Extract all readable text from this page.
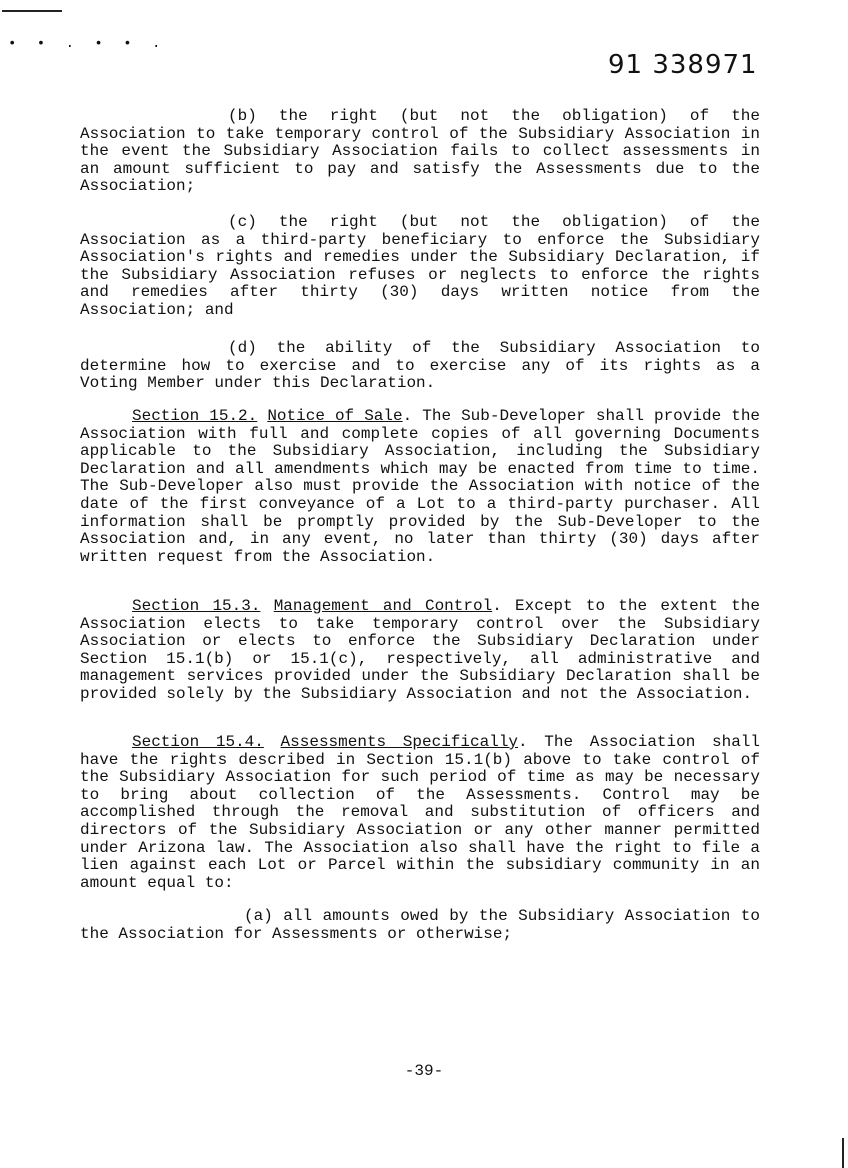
• • . • • .
91 338971

(b) the right (but not the obligation) of the Association to take temporary control of the Subsidiary Association in the event the Subsidiary Association fails to collect assessments in an amount sufficient to pay and satisfy the Assessments due to the Association;

(c) the right (but not the obligation) of the Association as a third-party beneficiary to enforce the Subsidiary Association's rights and remedies under the Subsidiary Declaration, if the Subsidiary Association refuses or neglects to enforce the rights and remedies after thirty (30) days written notice from the Association; and

(d) the ability of the Subsidiary Association to determine how to exercise and to exercise any of its rights as a Voting Member under this Declaration.

Section 15.2. Notice of Sale. The Sub-Developer shall provide the Association with full and complete copies of all governing Documents applicable to the Subsidiary Association, including the Subsidiary Declaration and all amendments which may be enacted from time to time. The Sub-Developer also must provide the Association with notice of the date of the first conveyance of a Lot to a third-party purchaser. All information shall be promptly provided by the Sub-Developer to the Association and, in any event, no later than thirty (30) days after written request from the Association.

Section 15.3. Management and Control. Except to the extent the Association elects to take temporary control over the Subsidiary Association or elects to enforce the Subsidiary Declaration under Section 15.1(b) or 15.1(c), respectively, all administrative and management services provided under the Subsidiary Declaration shall be provided solely by the Subsidiary Association and not the Association.

Section 15.4. Assessments Specifically. The Association shall have the rights described in Section 15.1(b) above to take control of the Subsidiary Association for such period of time as may be necessary to bring about collection of the Assessments. Control may be accomplished through the removal and substitution of officers and directors of the Subsidiary Association or any other manner permitted under Arizona law. The Association also shall have the right to file a lien against each Lot or Parcel within the subsidiary community in an amount equal to:

(a) all amounts owed by the Subsidiary Association to the Association for Assessments or otherwise;

-39-
